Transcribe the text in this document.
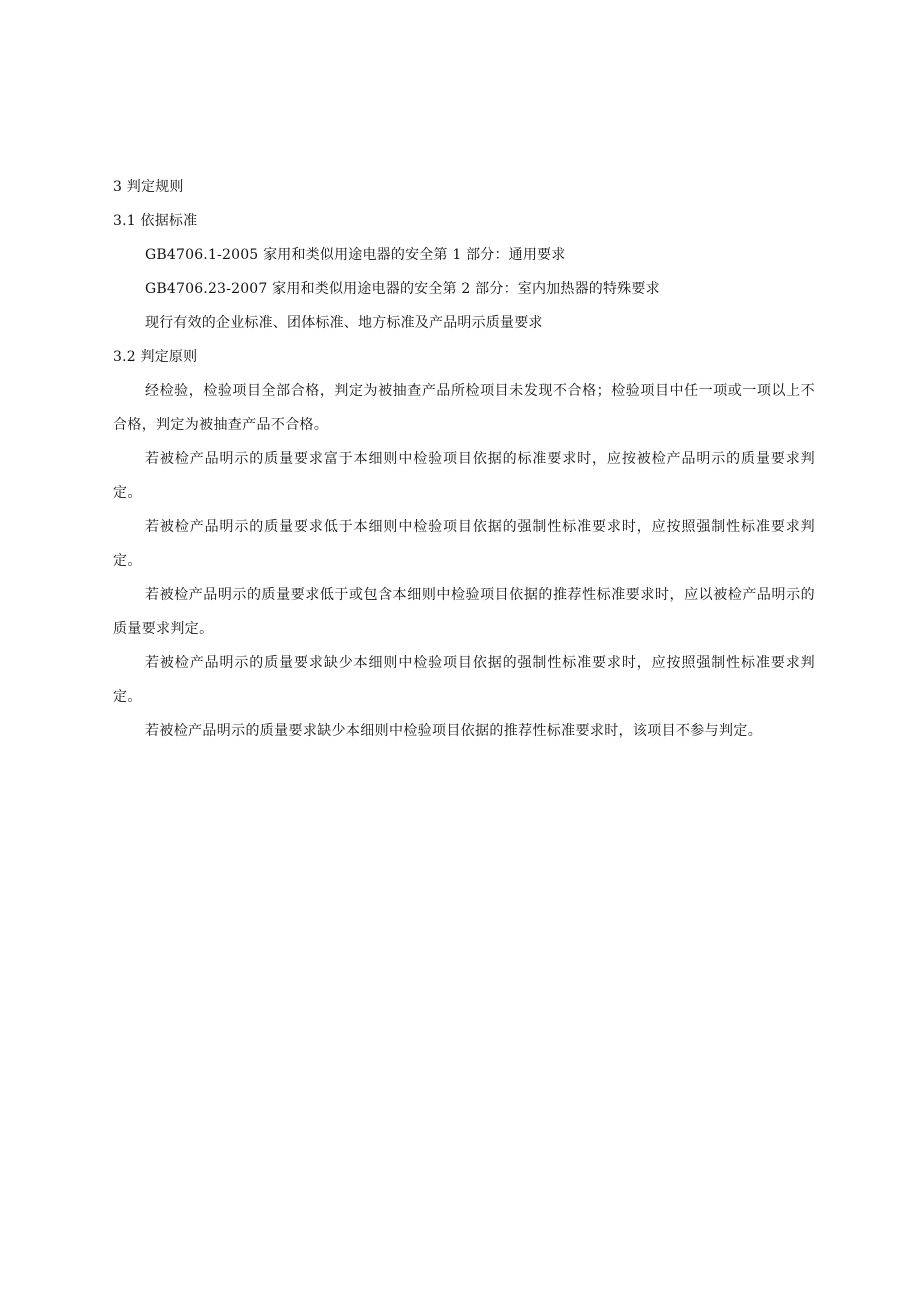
3 判定规则
3.1 依据标准
GB4706.1-2005 家用和类似用途电器的安全第 1 部分：通用要求
GB4706.23-2007 家用和类似用途电器的安全第 2 部分：室内加热器的特殊要求
现行有效的企业标准、团体标准、地方标准及产品明示质量要求
3.2 判定原则

经检验，检验项目全部合格，判定为被抽查产品所检项目未发现不合格；检验项目中任一项或一项以上不合格，判定为被抽查产品不合格。

若被检产品明示的质量要求富于本细则中检验项目依据的标准要求时，应按被检产品明示的质量要求判定。

若被检产品明示的质量要求低于本细则中检验项目依据的强制性标准要求时，应按照强制性标准要求判定。

若被检产品明示的质量要求低于或包含本细则中检验项目依据的推荐性标准要求时，应以被检产品明示的质量要求判定。

若被检产品明示的质量要求缺少本细则中检验项目依据的强制性标准要求时，应按照强制性标准要求判定。

若被检产品明示的质量要求缺少本细则中检验项目依据的推荐性标准要求时，该项目不参与判定。
